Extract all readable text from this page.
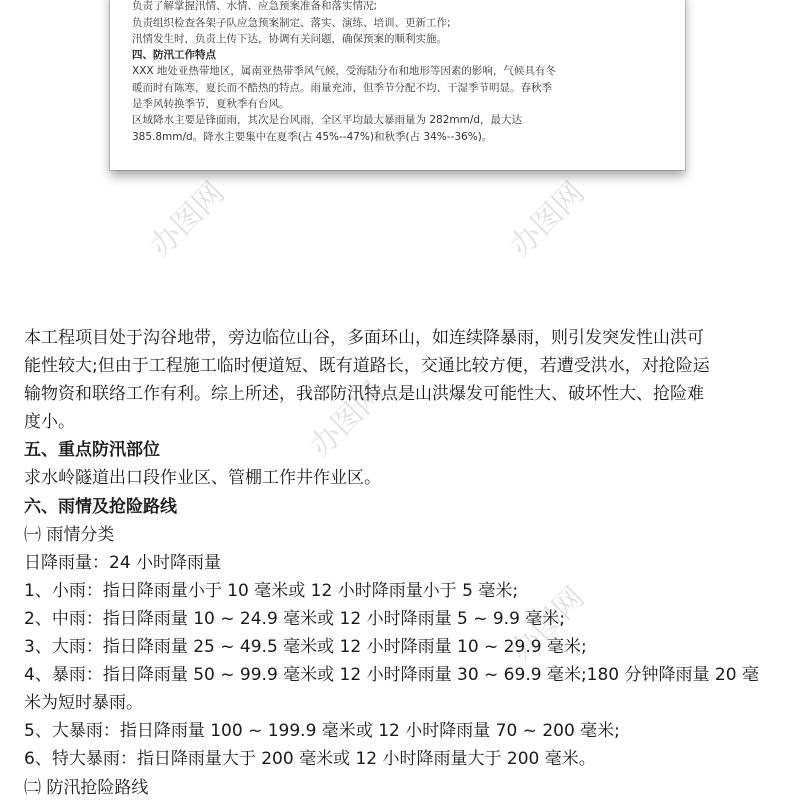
负责了解掌握汛情、水情、应急预案准备和落实情况;
负责组织检查各架子队应急预案制定、落实、演练、培训、更新工作;
汛情发生时，负责上传下达，协调有关问题，确保预案的顺利实施。
四、防汛工作特点
XXX 地处亚热带地区，属南亚热带季风气候，受海陆分布和地形等因素的影响，气候具有冬
暖而时有陈寒，夏长而不酷热的特点。雨量充沛，但季节分配不均、干湿季节明显。春秋季
是季风转换季节，夏秋季有台风。
区域降水主要是锋面雨，其次是台风雨，全区平均最大暴雨量为 282mm/d，最大达
385.8mm/d。降水主要集中在夏季(占 45%--47%)和秋季(占 34%--36%)。
办图网	办图网
办图网
办图网
本工程项目处于沟谷地带，旁边临位山谷，多面环山，如连续降暴雨，则引发突发性山洪可
能性较大;但由于工程施工临时便道短、既有道路长，交通比较方便，若遭受洪水，对抢险运
输物资和联络工作有利。综上所述，我部防汛特点是山洪爆发可能性大、破坏性大、抢险难
度小。
五、重点防汛部位
求水岭隧道出口段作业区、管棚工作井作业区。
六、雨情及抢险路线
㈠ 雨情分类
日降雨量：24 小时降雨量
1、小雨：指日降雨量小于 10 毫米或 12 小时降雨量小于 5 毫米;
2、中雨：指日降雨量 10 ~ 24.9 毫米或 12 小时降雨量 5 ~ 9.9 毫米;
3、大雨：指日降雨量 25 ~ 49.5 毫米或 12 小时降雨量 10 ~ 29.9 毫米;
4、暴雨：指日降雨量 50 ~ 99.9 毫米或 12 小时降雨量 30 ~ 69.9 毫米;180 分钟降雨量 20 毫
米为短时暴雨。
5、大暴雨：指日降雨量 100 ~ 199.9 毫米或 12 小时降雨量 70 ~ 200 毫米;
6、特大暴雨：指日降雨量大于 200 毫米或 12 小时降雨量大于 200 毫米。
㈡ 防汛抢险路线
